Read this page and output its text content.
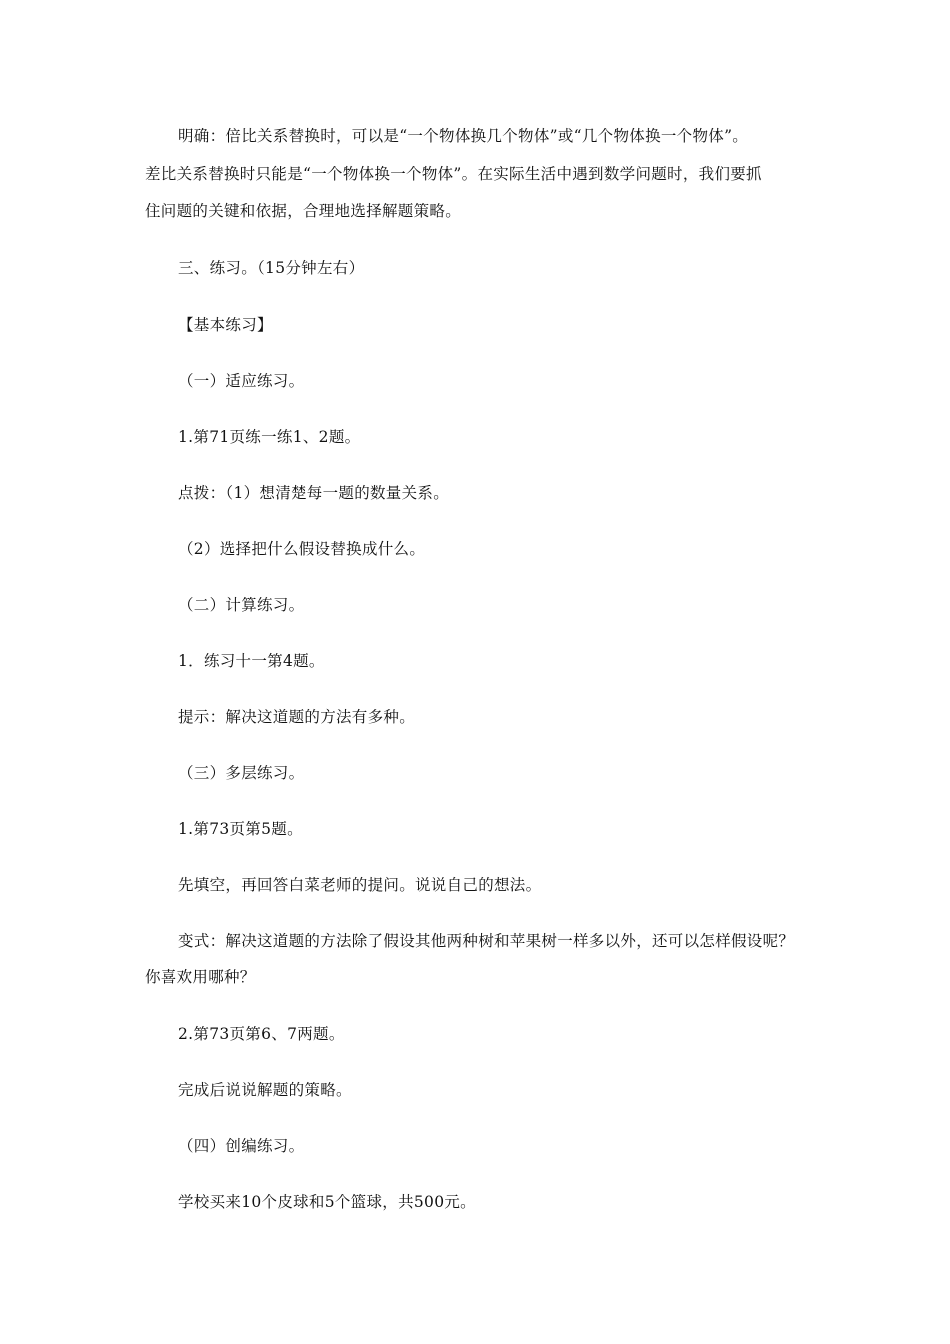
明确：倍比关系替换时，可以是“一个物体换几个物体”或“几个物体换一个物体”。
差比关系替换时只能是“一个物体换一个物体”。在实际生活中遇到数学问题时，我们要抓
住问题的关键和依据，合理地选择解题策略。
三、练习。（15分钟左右）
【基本练习】
（一）适应练习。
1.第71页练一练1、2题。
点拨：（1）想清楚每一题的数量关系。
（2）选择把什么假设替换成什么。
（二）计算练习。
1．练习十一第4题。
提示：解决这道题的方法有多种。
（三）多层练习。
1.第73页第5题。
先填空，再回答白菜老师的提问。说说自己的想法。
变式：解决这道题的方法除了假设其他两种树和苹果树一样多以外，还可以怎样假设呢？
你喜欢用哪种？
2.第73页第6、7两题。
完成后说说解题的策略。
（四）创编练习。
学校买来10个皮球和5个篮球，共500元。
